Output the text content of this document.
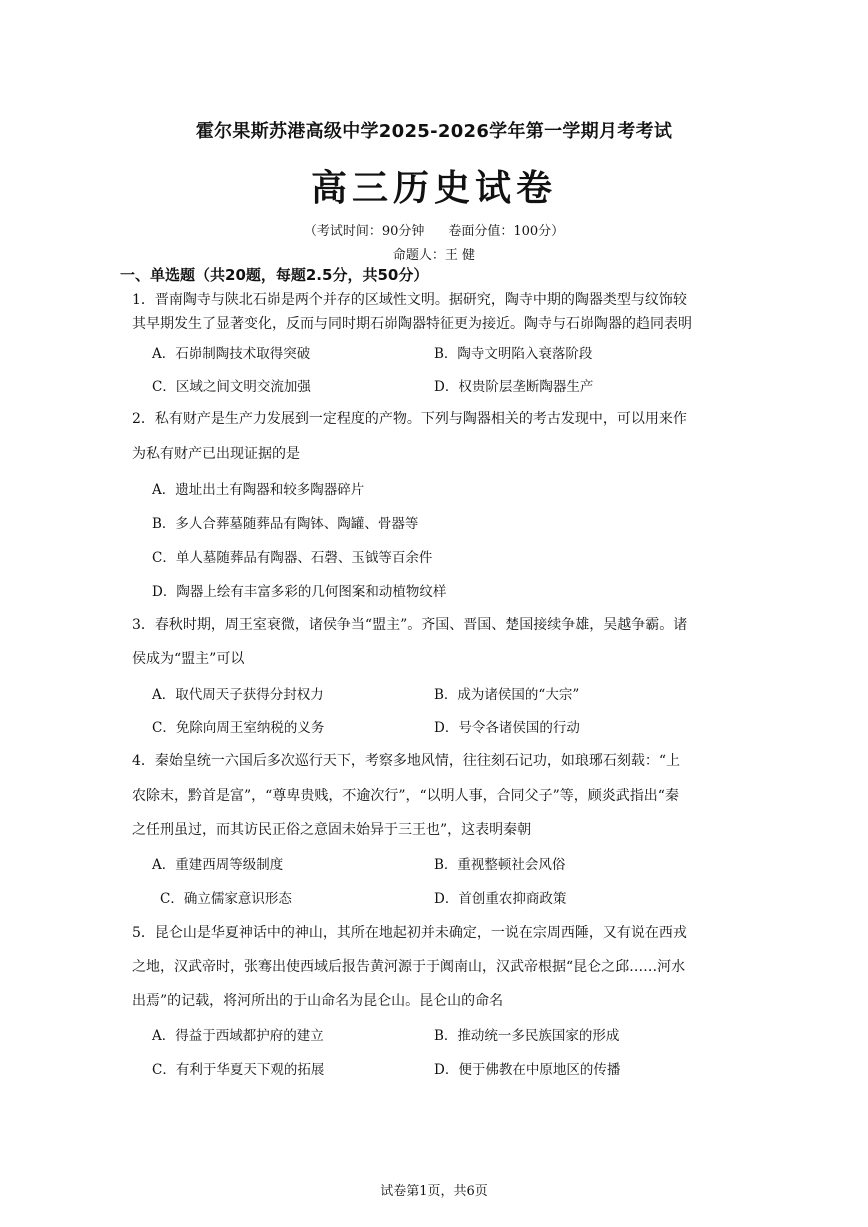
霍尔果斯苏港高级中学2025-2026学年第一学期月考考试
高三历史试卷
（考试时间：90分钟 卷面分值：100分）
命题人：王 健
一、单选题（共20题，每题2.5分，共50分）
1．晋南陶寺与陕北石峁是两个并存的区域性文明。据研究，陶寺中期的陶器类型与纹饰较
其早期发生了显著变化，反而与同时期石峁陶器特征更为接近。陶寺与石峁陶器的趋同表明
A．石峁制陶技术取得突破	B．陶寺文明陷入衰落阶段
C．区域之间文明交流加强	D．权贵阶层垄断陶器生产
2．私有财产是生产力发展到一定程度的产物。下列与陶器相关的考古发现中，可以用来作
为私有财产已出现证据的是
A．遗址出土有陶器和较多陶器碎片
B．多人合葬墓随葬品有陶钵、陶罐、骨器等
C．单人墓随葬品有陶器、石磬、玉钺等百余件
D．陶器上绘有丰富多彩的几何图案和动植物纹样
3．春秋时期，周王室衰微，诸侯争当“盟主”。齐国、晋国、楚国接续争雄，吴越争霸。诸
侯成为“盟主”可以
A．取代周天子获得分封权力	B．成为诸侯国的“大宗”
C．免除向周王室纳税的义务	D．号令各诸侯国的行动
4．秦始皇统一六国后多次巡行天下，考察多地风情，往往刻石记功，如琅琊石刻载：“上
农除末，黔首是富”，“尊卑贵贱，不逾次行”，“以明人事，合同父子”等，顾炎武指出“秦
之任刑虽过，而其访民正俗之意固未始异于三王也”，这表明秦朝
A．重建西周等级制度	B．重视整顿社会风俗
C．确立儒家意识形态	D．首创重农抑商政策
5．昆仑山是华夏神话中的神山，其所在地起初并未确定，一说在宗周西陲，又有说在西戎
之地，汉武帝时，张骞出使西域后报告黄河源于于阗南山，汉武帝根据“昆仑之邱……河水
出焉”的记载，将河所出的于山命名为昆仑山。昆仑山的命名
A．得益于西域都护府的建立	B．推动统一多民族国家的形成
C．有利于华夏天下观的拓展	D．便于佛教在中原地区的传播
试卷第1页，共6页
